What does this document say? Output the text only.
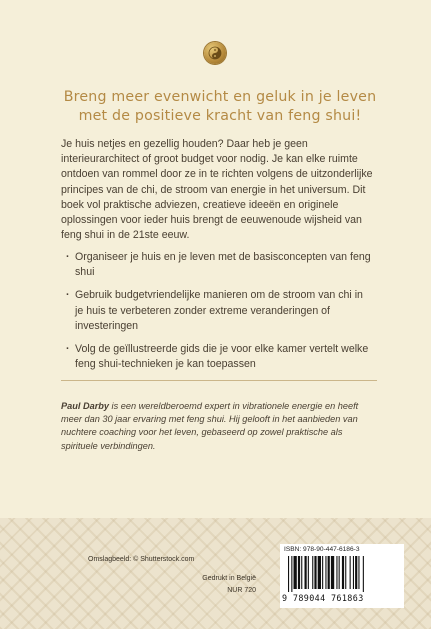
Breng meer evenwicht en geluk in je leven met de positieve kracht van feng shui!

Je huis netjes en gezellig houden? Daar heb je geen interieurarchitect of groot budget voor nodig. Je kan elke ruimte ontdoen van rommel door ze in te richten volgens de uitzonderlijke principes van de chi, de stroom van energie in het universum. Dit boek vol praktische adviezen, creatieve ideeën en originele oplossingen voor ieder huis brengt de eeuwenoude wijsheid van feng shui in de 21ste eeuw.

· Organiseer je huis en je leven met de basisconcepten van feng shui
· Gebruik budgetvriendelijke manieren om de stroom van chi in je huis te verbeteren zonder extreme veranderingen of investeringen
· Volg de geïllustreerde gids die je voor elke kamer vertelt welke feng shui-technieken je kan toepassen

Paul Darby is een wereldberoemd expert in vibrationele energie en heeft meer dan 30 jaar ervaring met feng shui. Hij gelooft in het aanbieden van nuchtere coaching voor het leven, gebaseerd op zowel praktische als spirituele verbindingen.

Omslagbeeld: © Shutterstock.com

Gedrukt in België

NUR 720

ISBN: 978-90-447-6186-3

9 789044 761863
